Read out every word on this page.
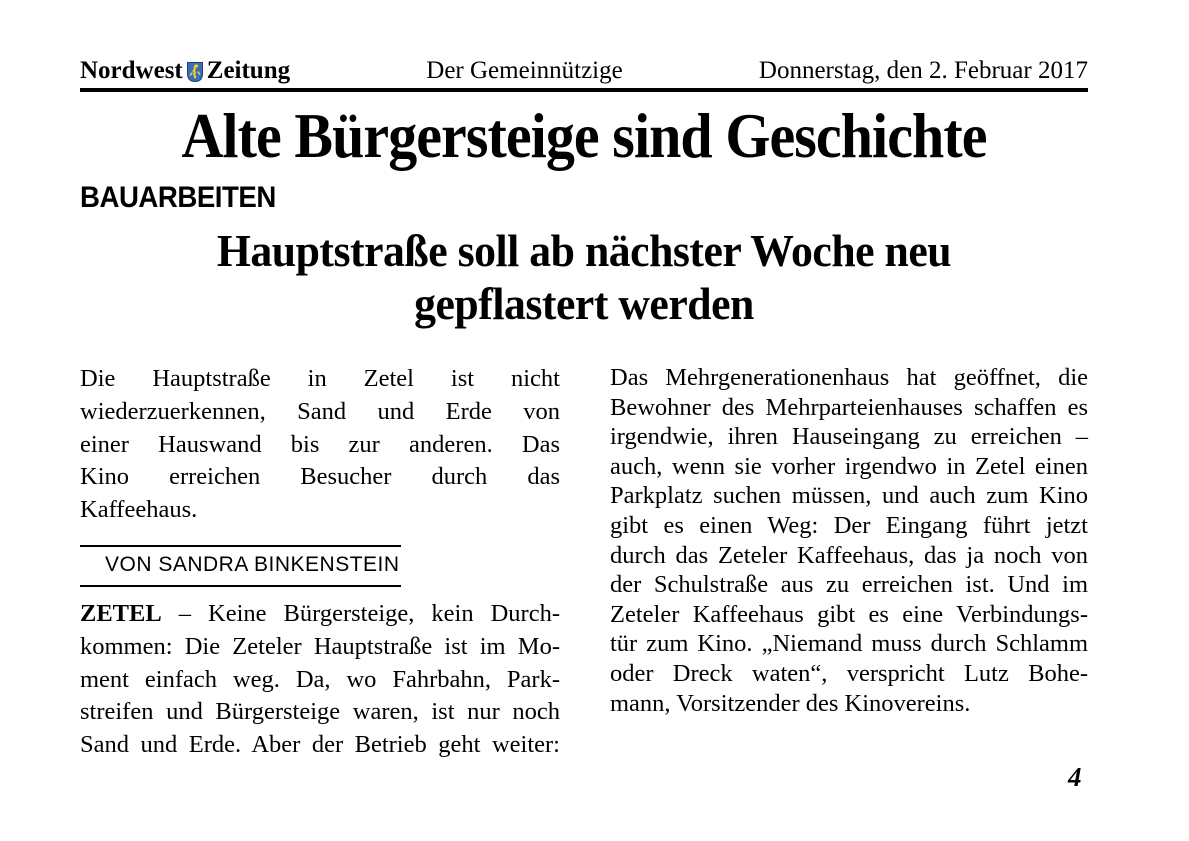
Nordwest Zeitung	Der Gemeinnützige	Donnerstag, den 2. Februar 2017
Alte Bürgersteige sind Geschichte
BAUARBEITEN
Hauptstraße soll ab nächster Woche neu
gepflastert werden
Die Hauptstraße in Zetel ist nicht
wiederzuerkennen, Sand und Erde von
einer Hauswand bis zur anderen. Das
Kino erreichen Besucher durch das
Kaffeehaus.
VON SANDRA BINKENSTEIN
ZETEL – Keine Bürgersteige, kein Durch-
kommen: Die Zeteler Hauptstraße ist im Mo-
ment einfach weg. Da, wo Fahrbahn, Park-
streifen und Bürgersteige waren, ist nur noch
Sand und Erde. Aber der Betrieb geht weiter:
Das Mehrgenerationenhaus hat geöffnet, die
Bewohner des Mehrparteienhauses schaffen es
irgendwie, ihren Hauseingang zu erreichen –
auch, wenn sie vorher irgendwo in Zetel einen
Parkplatz suchen müssen, und auch zum Kino
gibt es einen Weg: Der Eingang führt jetzt
durch das Zeteler Kaffeehaus, das ja noch von
der Schulstraße aus zu erreichen ist. Und im
Zeteler Kaffeehaus gibt es eine Verbindungs-
tür zum Kino. „Niemand muss durch Schlamm
oder Dreck waten“, verspricht Lutz Bohe-
mann, Vorsitzender des Kinovereins.
4
